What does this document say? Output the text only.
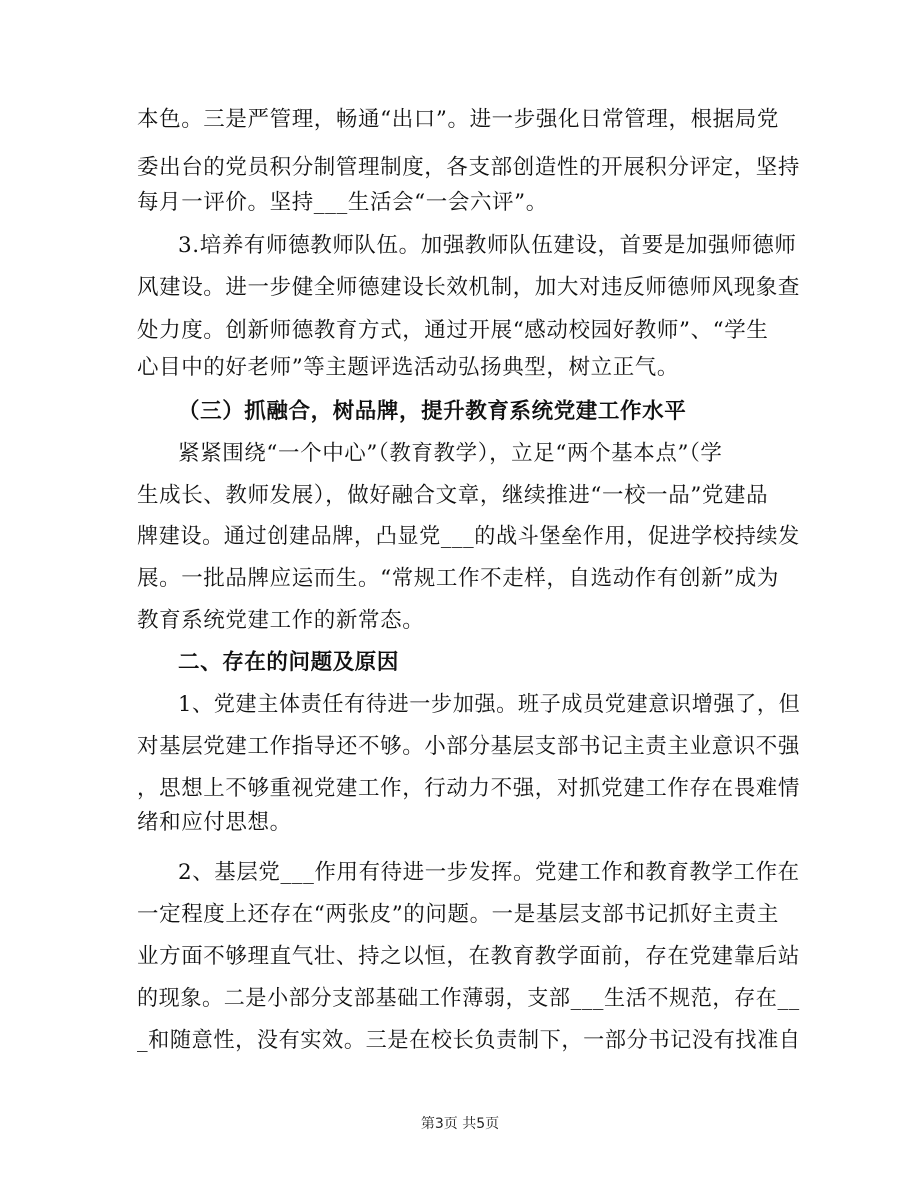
本色。三是严管理，畅通“出口”。进一步强化日常管理，根据局党
委出台的党员积分制管理制度，各支部创造性的开展积分评定，坚持
每月一评价。坚持___生活会“一会六评”。
3.培养有师德教师队伍。加强教师队伍建设，首要是加强师德师
风建设。进一步健全师德建设长效机制，加大对违反师德师风现象查
处力度。创新师德教育方式，通过开展“感动校园好教师”、“学生
心目中的好老师”等主题评选活动弘扬典型，树立正气。
（三）抓融合，树品牌，提升教育系统党建工作水平
紧紧围绕“一个中心”（教育教学），立足“两个基本点”（学
生成长、教师发展），做好融合文章，继续推进“一校一品”党建品
牌建设。通过创建品牌，凸显党___的战斗堡垒作用，促进学校持续发
展。一批品牌应运而生。“常规工作不走样，自选动作有创新”成为
教育系统党建工作的新常态。
二、存在的问题及原因
1、党建主体责任有待进一步加强。班子成员党建意识增强了，但
对基层党建工作指导还不够。小部分基层支部书记主责主业意识不强
，思想上不够重视党建工作，行动力不强，对抓党建工作存在畏难情
绪和应付思想。
2、基层党___作用有待进一步发挥。党建工作和教育教学工作在
一定程度上还存在“两张皮”的问题。一是基层支部书记抓好主责主
业方面不够理直气壮、持之以恒，在教育教学面前，存在党建靠后站
的现象。二是小部分支部基础工作薄弱，支部___生活不规范，存在__
_和随意性，没有实效。三是在校长负责制下，一部分书记没有找准自
第3页 共5页
